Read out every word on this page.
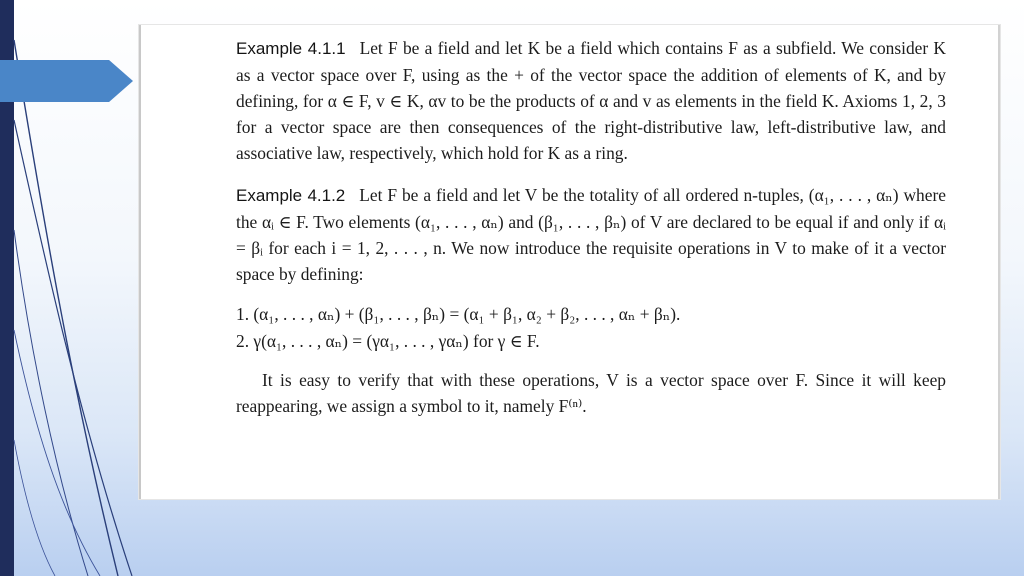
Example 4.1.1 Let F be a field and let K be a field which contains F as a subfield. We consider K as a vector space over F, using as the + of the vector space the addition of elements of K, and by defining, for α ∈ F, v ∈ K, αv to be the products of α and v as elements in the field K. Axioms 1, 2, 3 for a vector space are then consequences of the right-distributive law, left-distributive law, and associative law, respectively, which hold for K as a ring.

Example 4.1.2 Let F be a field and let V be the totality of all ordered n-tuples, (α₁, . . . , αₙ) where the αᵢ ∈ F. Two elements (α₁, . . . , αₙ) and (β₁, . . . , βₙ) of V are declared to be equal if and only if αᵢ = βᵢ for each i = 1, 2, . . . , n. We now introduce the requisite operations in V to make of it a vector space by defining:

1. (α₁, . . . , αₙ) + (β₁, . . . , βₙ) = (α₁ + β₁, α₂ + β₂, . . . , αₙ + βₙ).
2. γ(α₁, . . . , αₙ) = (γα₁, . . . , γαₙ) for γ ∈ F.

It is easy to verify that with these operations, V is a vector space over F. Since it will keep reappearing, we assign a symbol to it, namely F⁽ⁿ⁾.
